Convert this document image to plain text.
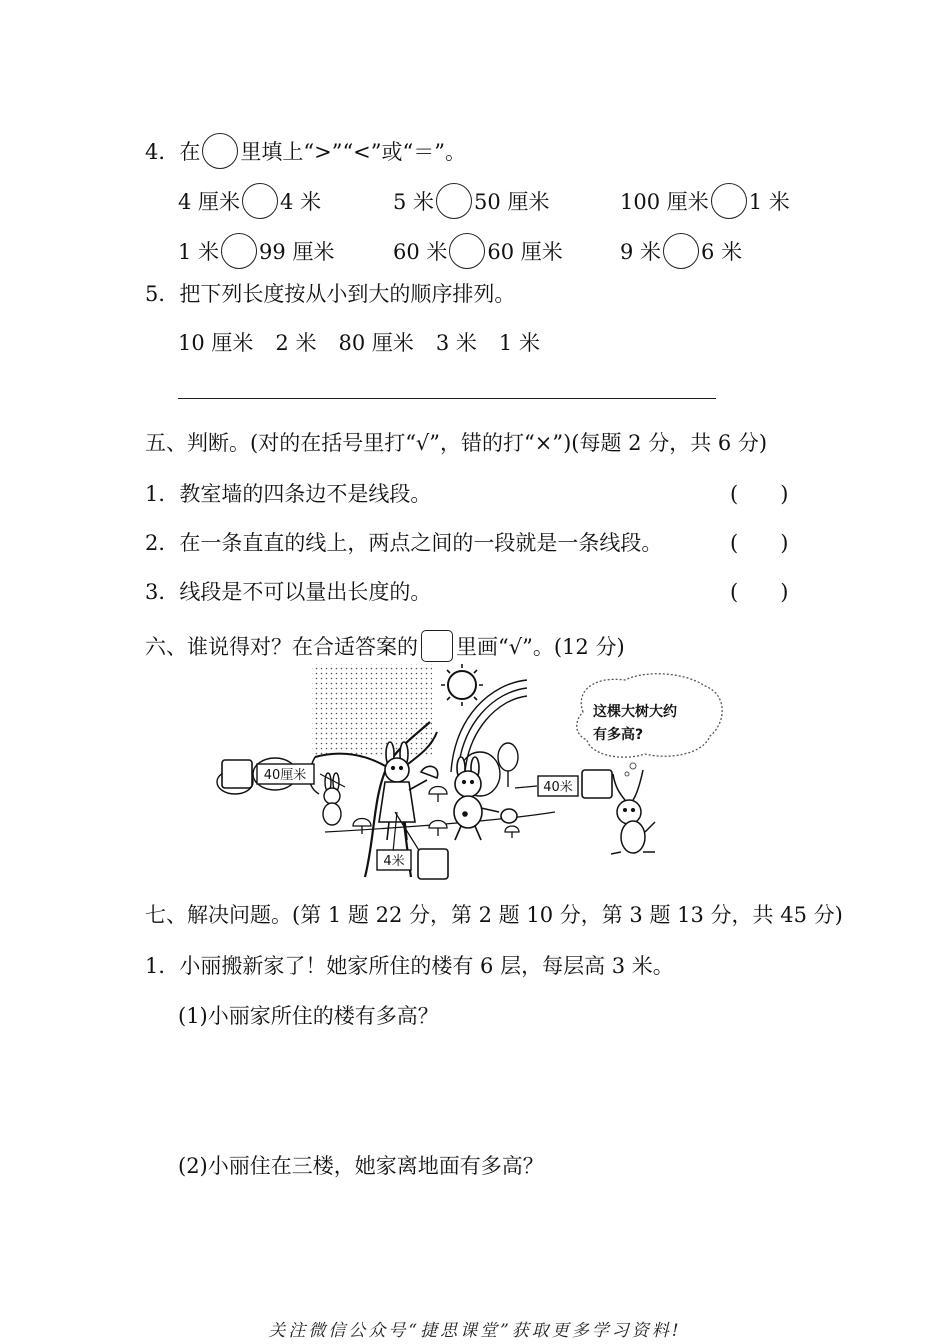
4．在 里填上“>”“<”或“＝”。
4 厘米 4 米	5 米 50 厘米	100 厘米 1 米
1 米 99 厘米	60 米 60 厘米	9 米 6 米
5．把下列长度按从小到大的顺序排列。
10 厘米 2 米 80 厘米 3 米 1 米
五、判断。(对的在括号里打“√”，错的打“×”)(每题 2 分，共 6 分)
1．教室墙的四条边不是线段。	(　　)
2．在一条直直的线上，两点之间的一段就是一条线段。	(　　)
3．线段是不可以量出长度的。	(　　)
六、谁说得对？在合适答案的 里画“√”。(12 分)
40厘米
40米
4米
这棵大树大约
有多高?
七、解决问题。(第 1 题 22 分，第 2 题 10 分，第 3 题 13 分，共 45 分)
1．小丽搬新家了！她家所住的楼有 6 层，每层高 3 米。
(1)小丽家所住的楼有多高？
(2)小丽住在三楼，她家离地面有多高？
关注微信公众号“捷思课堂”获取更多学习资料!
